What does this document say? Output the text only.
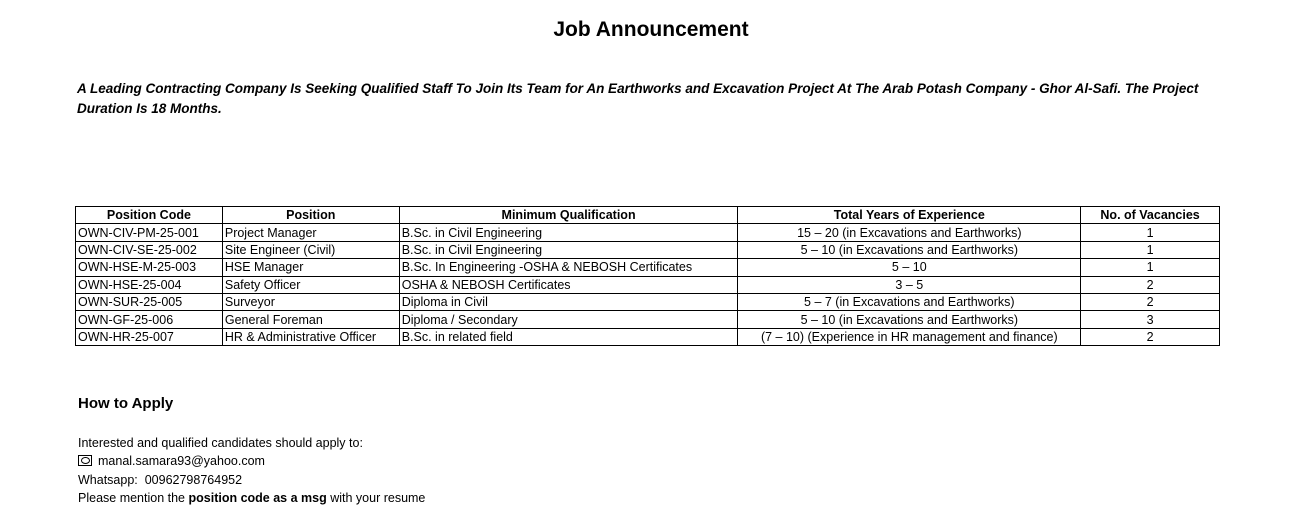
Job Announcement

A Leading Contracting Company Is Seeking Qualified Staff To Join Its Team for An Earthworks and Excavation Project At The Arab Potash Company - Ghor Al-Safi. The Project Duration Is 18 Months.

Position Code	Position	Minimum Qualification	Total Years of Experience	No. of Vacancies
OWN-CIV-PM-25-001	Project Manager	B.Sc. in Civil Engineering	15 – 20 (in Excavations and Earthworks)	1
OWN-CIV-SE-25-002	Site Engineer (Civil)	B.Sc. in Civil Engineering	5 – 10 (in Excavations and Earthworks)	1
OWN-HSE-M-25-003	HSE Manager	B.Sc. In Engineering -OSHA & NEBOSH Certificates	5 – 10	1
OWN-HSE-25-004	Safety Officer	OSHA & NEBOSH Certificates	3 – 5	2
OWN-SUR-25-005	Surveyor	Diploma in Civil	5 – 7 (in Excavations and Earthworks)	2
OWN-GF-25-006	General Foreman	Diploma / Secondary	5 – 10 (in Excavations and Earthworks)	3
OWN-HR-25-007	HR & Administrative Officer	B.Sc. in related field	(7 – 10) (Experience in HR management and finance)	2
How to Apply
Interested and qualified candidates should apply to:
manal.samara93@yahoo.com
Whatsapp: 00962798764952
Please mention the position code as a msg with your resume
